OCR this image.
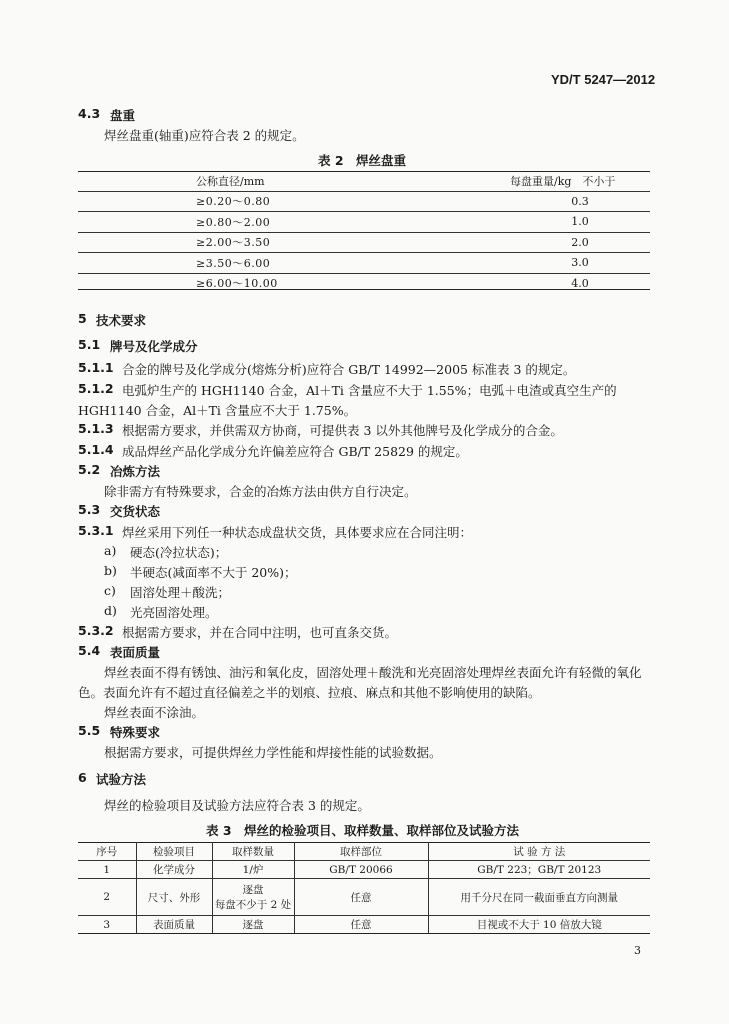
YD/T 5247—2012
4.3 盘重
焊丝盘重(轴重)应符合表 2 的规定。
表 2　焊丝盘重
公称直径/mm	每盘重量/kg　不小于
≥0.20～0.80	0.3
≥0.80～2.00	1.0
≥2.00～3.50	2.0
≥3.50～6.00	3.0
≥6.00～10.00	4.0
5 技术要求
5.1 牌号及化学成分
5.1.1 合金的牌号及化学成分(熔炼分析)应符合 GB/T 14992—2005 标准表 3 的规定。
5.1.2 电弧炉生产的 HGH1140 合金，Al＋Ti 含量应不大于 1.55%；电弧＋电渣或真空生产的
HGH1140 合金，Al＋Ti 含量应不大于 1.75%。
5.1.3 根据需方要求，并供需双方协商，可提供表 3 以外其他牌号及化学成分的合金。
5.1.4 成品焊丝产品化学成分允许偏差应符合 GB/T 25829 的规定。
5.2 冶炼方法
除非需方有特殊要求，合金的冶炼方法由供方自行决定。
5.3 交货状态
5.3.1 焊丝采用下列任一种状态成盘状交货，具体要求应在合同注明：
a) 硬态(冷拉状态)；
b) 半硬态(减面率不大于 20%)；
c) 固溶处理＋酸洗；
d) 光亮固溶处理。
5.3.2 根据需方要求，并在合同中注明，也可直条交货。
5.4 表面质量
焊丝表面不得有锈蚀、油污和氧化皮，固溶处理＋酸洗和光亮固溶处理焊丝表面允许有轻微的氧化
色。表面允许有不超过直径偏差之半的划痕、拉痕、麻点和其他不影响使用的缺陷。
焊丝表面不涂油。
5.5 特殊要求
根据需方要求，可提供焊丝力学性能和焊接性能的试验数据。
6 试验方法
焊丝的检验项目及试验方法应符合表 3 的规定。
表 3　焊丝的检验项目、取样数量、取样部位及试验方法
序号	检验项目	取样数量	取样部位	试 验 方 法
1	化学成分	1/炉	GB/T 20066	GB/T 223；GB/T 20123
2	尺寸、外形	逐盘
每盘不少于 2 处	任意	用千分尺在同一截面垂直方向测量
3	表面质量	逐盘	任意	目视或不大于 10 倍放大镜
3
